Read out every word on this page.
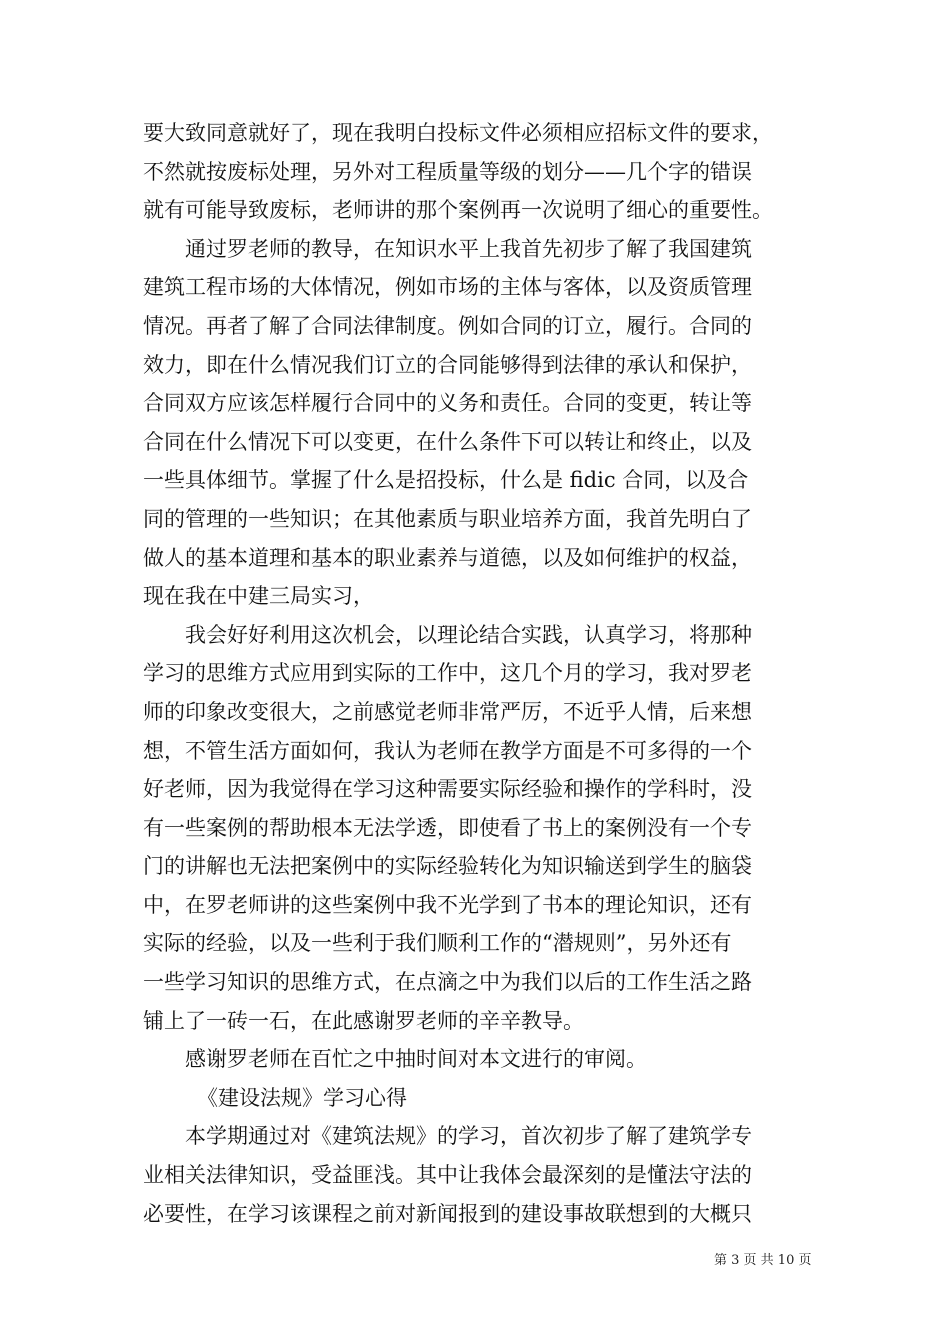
要大致同意就好了，现在我明白投标文件必须相应招标文件的要求，
不然就按废标处理，另外对工程质量等级的划分——几个字的错误
就有可能导致废标，老师讲的那个案例再一次说明了细心的重要性。
通过罗老师的教导，在知识水平上我首先初步了解了我国建筑
建筑工程市场的大体情况，例如市场的主体与客体，以及资质管理
情况。再者了解了合同法律制度。例如合同的订立，履行。合同的
效力，即在什么情况我们订立的合同能够得到法律的承认和保护，
合同双方应该怎样履行合同中的义务和责任。合同的变更，转让等
合同在什么情况下可以变更，在什么条件下可以转让和终止，以及
一些具体细节。掌握了什么是招投标，什么是 fidic 合同，以及合
同的管理的一些知识；在其他素质与职业培养方面，我首先明白了
做人的基本道理和基本的职业素养与道德，以及如何维护的权益，
现在我在中建三局实习，
我会好好利用这次机会，以理论结合实践，认真学习，将那种
学习的思维方式应用到实际的工作中，这几个月的学习，我对罗老
师的印象改变很大，之前感觉老师非常严厉，不近乎人情，后来想
想，不管生活方面如何，我认为老师在教学方面是不可多得的一个
好老师，因为我觉得在学习这种需要实际经验和操作的学科时，没
有一些案例的帮助根本无法学透，即使看了书上的案例没有一个专
门的讲解也无法把案例中的实际经验转化为知识输送到学生的脑袋
中，在罗老师讲的这些案例中我不光学到了书本的理论知识，还有
实际的经验，以及一些利于我们顺利工作的“潜规则”，另外还有
一些学习知识的思维方式，在点滴之中为我们以后的工作生活之路
铺上了一砖一石，在此感谢罗老师的辛辛教导。
感谢罗老师在百忙之中抽时间对本文进行的审阅。
《建设法规》学习心得
本学期通过对《建筑法规》的学习，首次初步了解了建筑学专
业相关法律知识，受益匪浅。其中让我体会最深刻的是懂法守法的
必要性，在学习该课程之前对新闻报到的建设事故联想到的大概只
第 3 页 共 10 页
